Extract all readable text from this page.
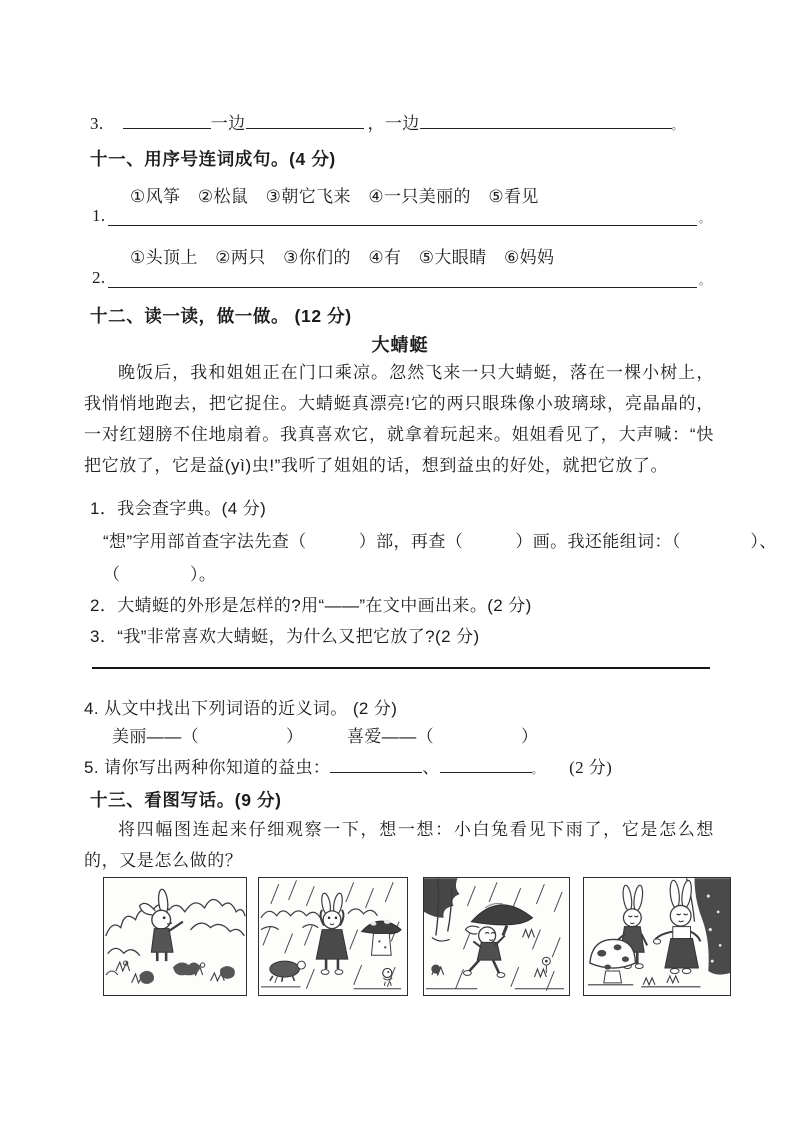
3.	一边	，一边	。
十一、用序号连词成句。(4 分)
①风筝　②松鼠　③朝它飞来　④一只美丽的　⑤看见
1.	。
①头顶上　②两只　③你们的　④有　⑤大眼睛　⑥妈妈
2.	。
十二、读一读，做一做。 (12 分)
大蜻蜓
晚饭后，我和姐姐正在门口乘凉。忽然飞来一只大蜻蜓，落在一棵小树上，我悄悄地跑去，把它捉住。大蜻蜓真漂亮!它的两只眼珠像小玻璃球，亮晶晶的，一对红翅膀不住地扇着。我真喜欢它，就拿着玩起来。姐姐看见了，大声喊：“快把它放了，它是益(yì)虫!”我听了姐姐的话，想到益虫的好处，就把它放了。
1．我会查字典。(4 分)
“想”字用部首查字法先查（　　　）部，再查（　　　）画。我还能组词：（　　　　）、
（　　　　）。
2．大蜻蜓的外形是怎样的?用“——”在文中画出来。(2 分)
3．“我”非常喜欢大蜻蜓，为什么又把它放了?(2 分)
4. 从文中找出下列词语的近义词。 (2 分)
美丽——（　　　　　）	喜爱——（　　　　　）
5. 请你写出两种你知道的益虫：	、	。 (2 分)
十三、看图写话。(9 分)
将四幅图连起来仔细观察一下，想一想：小白兔看见下雨了，它是怎么想的，又是怎么做的？
